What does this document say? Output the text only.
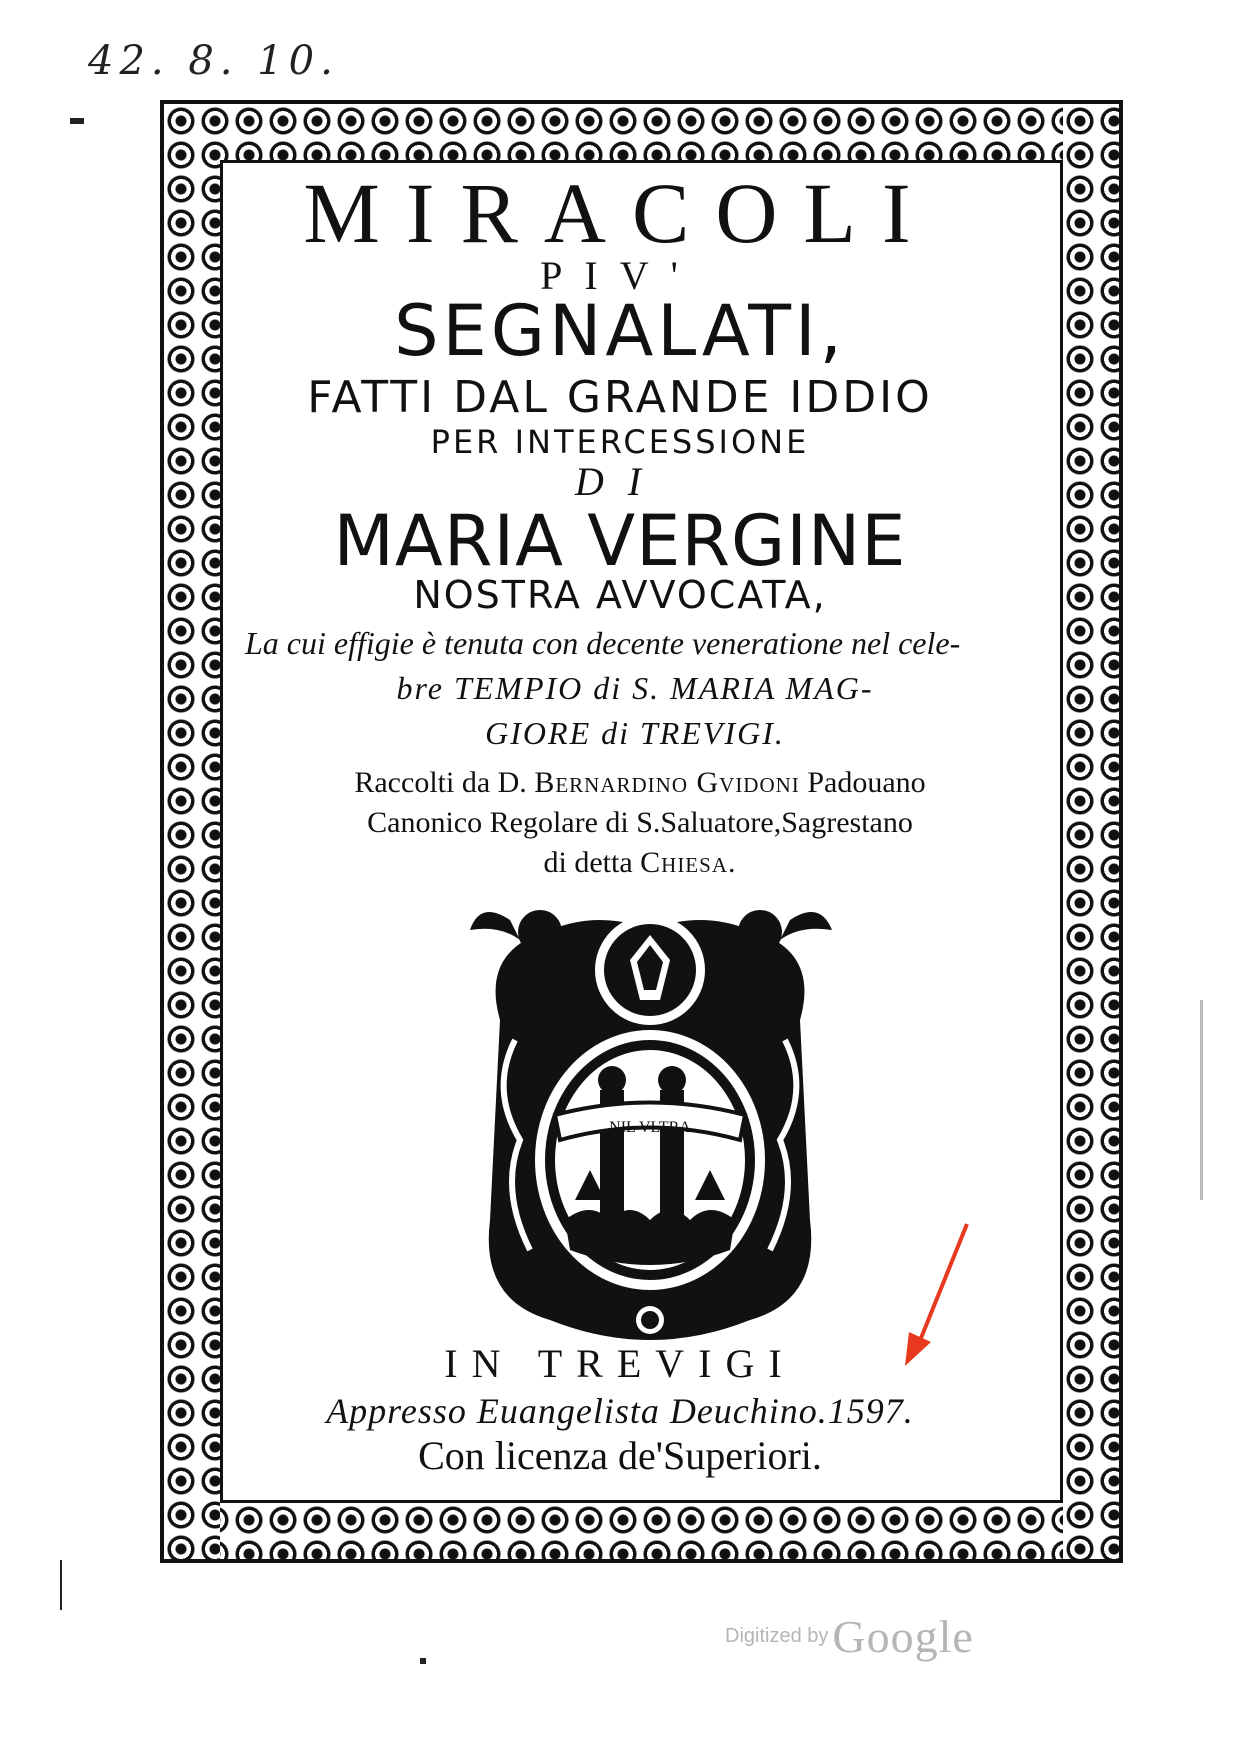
42. 8. 10.
MIRACOLI
PIV'
SEGNALATI,
FATTI DAL GRANDE IDDIO
PER INTERCESSIONE
DI
MARIA VERGINE
NOSTRA AVVOCATA,
La cui effigie è tenuta con decente veneratione nel cele-
bre TEMPIO di S. MARIA MAG-
GIORE di TREVIGI.
Raccolti da D. Bernardino Gvidoni Padouano
Canonico Regolare di S.Saluatore,Sagrestano
di detta Chiesa.
NIL VLTRA
IN TREVIGI
Appresso Euangelista Deuchino.1597.
Con licenza de'Superiori.
Digitized by Google
